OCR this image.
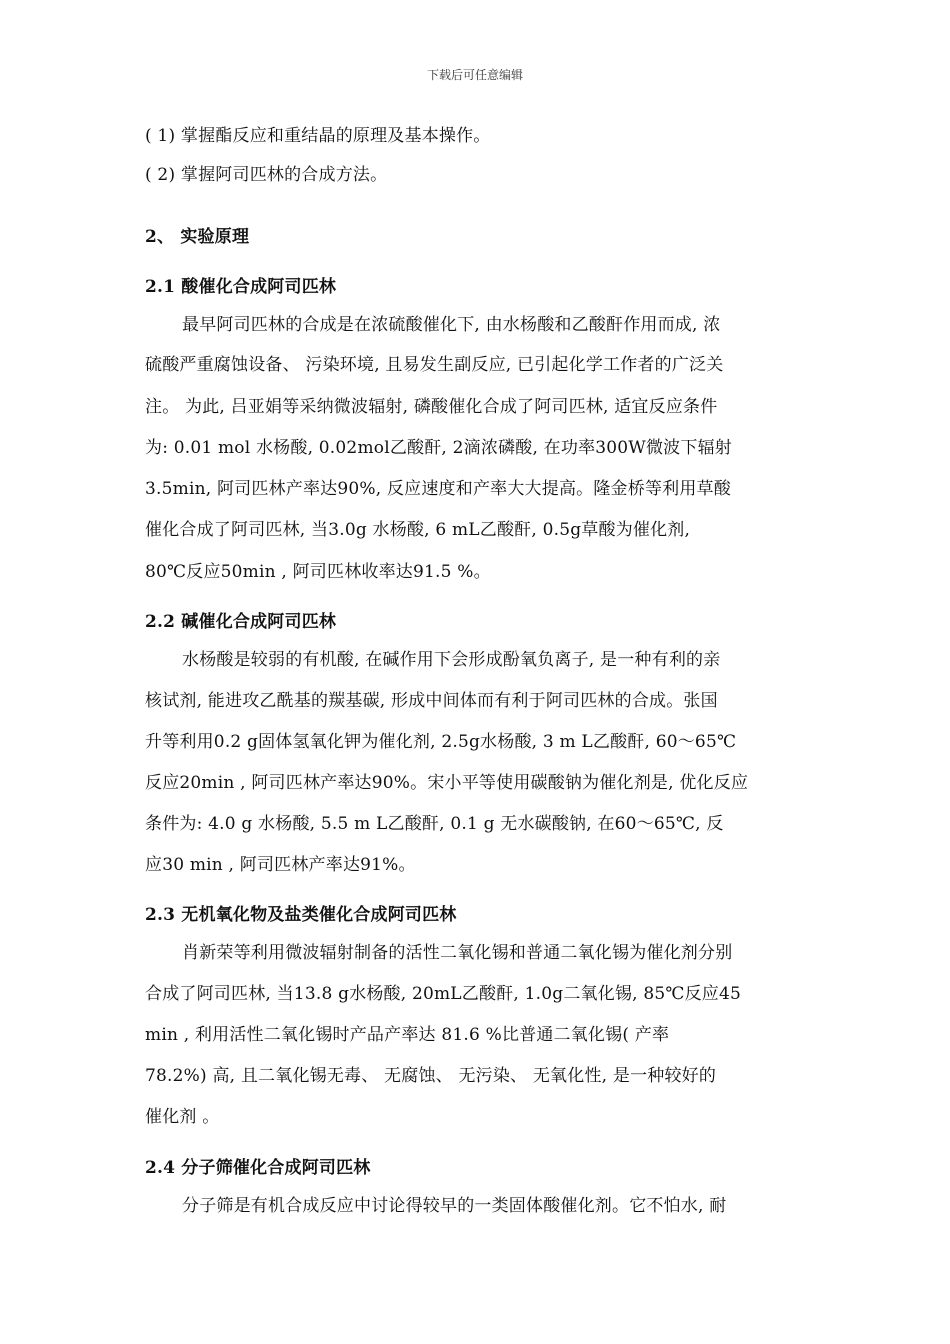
下载后可任意编辑
( 1) 掌握酯反应和重结晶的原理及基本操作。
( 2) 掌握阿司匹林的合成方法。
2、 实验原理
2.1 酸催化合成阿司匹林
最早阿司匹林的合成是在浓硫酸催化下, 由水杨酸和乙酸酐作用而成, 浓
硫酸严重腐蚀设备、 污染环境, 且易发生副反应, 已引起化学工作者的广泛关
注。 为此, 吕亚娟等采纳微波辐射, 磷酸催化合成了阿司匹林, 适宜反应条件
为: 0.01 mol 水杨酸, 0.02mol乙酸酐, 2滴浓磷酸, 在功率300W微波下辐射
3.5min, 阿司匹林产率达90%, 反应速度和产率大大提高。隆金桥等利用草酸
催化合成了阿司匹林, 当3.0g 水杨酸, 6 mL乙酸酐, 0.5g草酸为催化剂,
80℃反应50min , 阿司匹林收率达91.5 %。
2.2 碱催化合成阿司匹林
水杨酸是较弱的有机酸, 在碱作用下会形成酚氧负离子, 是一种有利的亲
核试剂, 能进攻乙酰基的羰基碳, 形成中间体而有利于阿司匹林的合成。张国
升等利用0.2 g固体氢氧化钾为催化剂, 2.5g水杨酸, 3 m L乙酸酐, 60～65℃
反应20min , 阿司匹林产率达90%。宋小平等使用碳酸钠为催化剂是, 优化反应
条件为: 4.0 g 水杨酸, 5.5 m L乙酸酐, 0.1 g 无水碳酸钠, 在60～65℃, 反
应30 min , 阿司匹林产率达91%。
2.3 无机氧化物及盐类催化合成阿司匹林
肖新荣等利用微波辐射制备的活性二氧化锡和普通二氧化锡为催化剂分别
合成了阿司匹林, 当13.8 g水杨酸, 20mL乙酸酐, 1.0g二氧化锡, 85℃反应45
min , 利用活性二氧化锡时产品产率达 81.6 %比普通二氧化锡( 产率
78.2%) 高, 且二氧化锡无毒、 无腐蚀、 无污染、 无氧化性, 是一种较好的
催化剂 。
2.4 分子筛催化合成阿司匹林
分子筛是有机合成反应中讨论得较早的一类固体酸催化剂。它不怕水, 耐
